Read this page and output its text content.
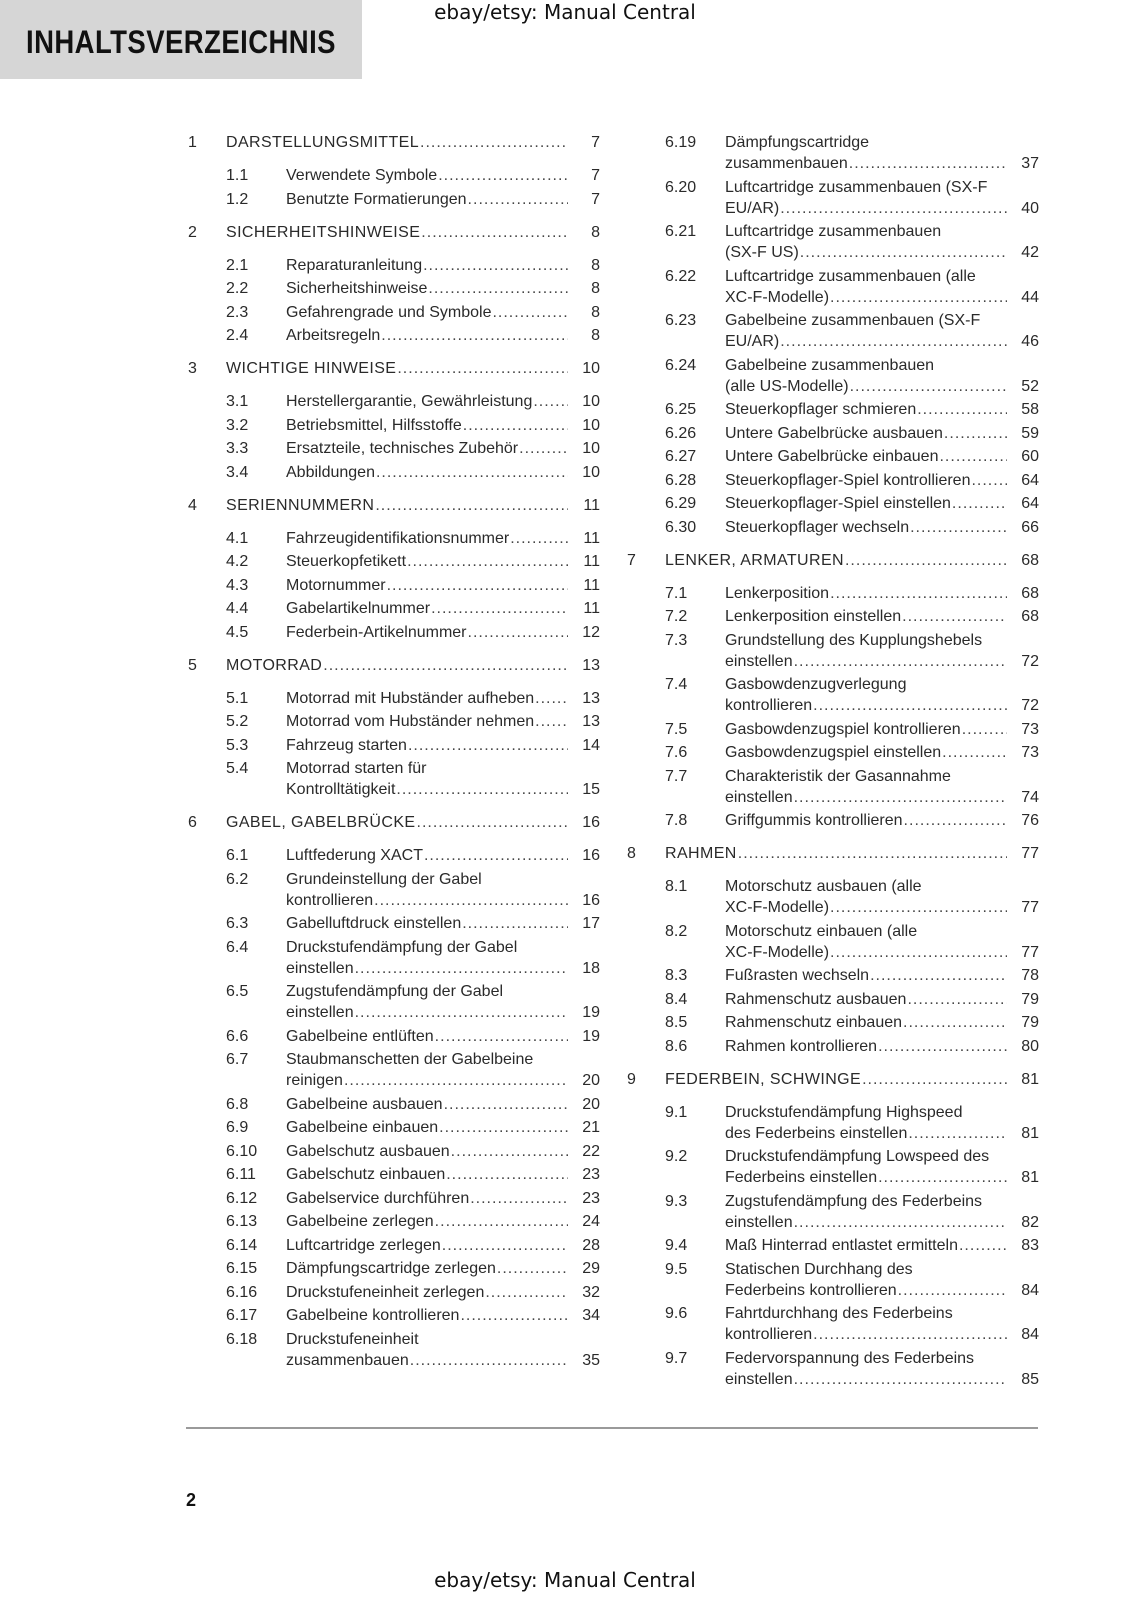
INHALTSVERZEICHNIS
ebay/etsy: Manual Central
1 DARSTELLUNGSMITTEL .....	7
1.1 Verwendete Symbole .....	7
1.2 Benutzte Formatierungen .....	7
2 SICHERHEITSHINWEISE .....	8
2.1 Reparaturanleitung .....	8
2.2 Sicherheitshinweise .....	8
2.3 Gefahrengrade und Symbole .....	8
2.4 Arbeitsregeln .....	8
3 WICHTIGE HINWEISE .....	10
3.1 Herstellergarantie, Gewährleistung .....	10
3.2 Betriebsmittel, Hilfsstoffe .....	10
3.3 Ersatzteile, technisches Zubehör .....	10
3.4 Abbildungen .....	10
4 SERIENNUMMERN .....	11
4.1 Fahrzeugidentifikationsnummer .....	11
4.2 Steuerkopfetikett .....	11
4.3 Motornummer .....	11
4.4 Gabelartikelnummer .....	11
4.5 Federbein-Artikelnummer .....	12
5 MOTORRAD .....	13
5.1 Motorrad mit Hubständer aufheben .....	13
5.2 Motorrad vom Hubständer nehmen .....	13
5.3 Fahrzeug starten .....	14
5.4 Motorrad starten für
Kontrolltätigkeit .....	15
6 GABEL, GABELBRÜCKE .....	16
6.1 Luftfederung XACT .....	16
6.2 Grundeinstellung der Gabel
kontrollieren .....	16
6.3 Gabelluftdruck einstellen .....	17
6.4 Druckstufendämpfung der Gabel
einstellen .....	18
6.5 Zugstufendämpfung der Gabel
einstellen .....	19
6.6 Gabelbeine entlüften .....	19
6.7 Staubmanschetten der Gabelbeine
reinigen .....	20
6.8 Gabelbeine ausbauen .....	20
6.9 Gabelbeine einbauen .....	21
6.10 Gabelschutz ausbauen .....	22
6.11 Gabelschutz einbauen .....	23
6.12 Gabelservice durchführen .....	23
6.13 Gabelbeine zerlegen .....	24
6.14 Luftcartridge zerlegen .....	28
6.15 Dämpfungscartridge zerlegen .....	29
6.16 Druckstufeneinheit zerlegen .....	32
6.17 Gabelbeine kontrollieren .....	34
6.18 Druckstufeneinheit
zusammenbauen .....	35
6.19 Dämpfungscartridge
zusammenbauen .....	37
6.20 Luftcartridge zusammenbauen (SX-F
EU/AR) .....	40
6.21 Luftcartridge zusammenbauen
(SX-F US) .....	42
6.22 Luftcartridge zusammenbauen (alle
XC-F-Modelle) .....	44
6.23 Gabelbeine zusammenbauen (SX-F
EU/AR) .....	46
6.24 Gabelbeine zusammenbauen
(alle US-Modelle) .....	52
6.25 Steuerkopflager schmieren .....	58
6.26 Untere Gabelbrücke ausbauen .....	59
6.27 Untere Gabelbrücke einbauen .....	60
6.28 Steuerkopflager-Spiel kontrollieren .....	64
6.29 Steuerkopflager-Spiel einstellen .....	64
6.30 Steuerkopflager wechseln .....	66
7 LENKER, ARMATUREN .....	68
7.1 Lenkerposition .....	68
7.2 Lenkerposition einstellen .....	68
7.3 Grundstellung des Kupplungshebels
einstellen .....	72
7.4 Gasbowdenzugverlegung
kontrollieren .....	72
7.5 Gasbowdenzugspiel kontrollieren .....	73
7.6 Gasbowdenzugspiel einstellen .....	73
7.7 Charakteristik der Gasannahme
einstellen .....	74
7.8 Griffgummis kontrollieren .....	76
8 RAHMEN .....	77
8.1 Motorschutz ausbauen (alle
XC-F-Modelle) .....	77
8.2 Motorschutz einbauen (alle
XC-F-Modelle) .....	77
8.3 Fußrasten wechseln .....	78
8.4 Rahmenschutz ausbauen .....	79
8.5 Rahmenschutz einbauen .....	79
8.6 Rahmen kontrollieren .....	80
9 FEDERBEIN, SCHWINGE .....	81
9.1 Druckstufendämpfung Highspeed
des Federbeins einstellen .....	81
9.2 Druckstufendämpfung Lowspeed des
Federbeins einstellen .....	81
9.3 Zugstufendämpfung des Federbeins
einstellen .....	82
9.4 Maß Hinterrad entlastet ermitteln .....	83
9.5 Statischen Durchhang des
Federbeins kontrollieren .....	84
9.6 Fahrtdurchhang des Federbeins
kontrollieren .....	84
9.7 Federvorspannung des Federbeins
einstellen .....	85
2
ebay/etsy: Manual Central
